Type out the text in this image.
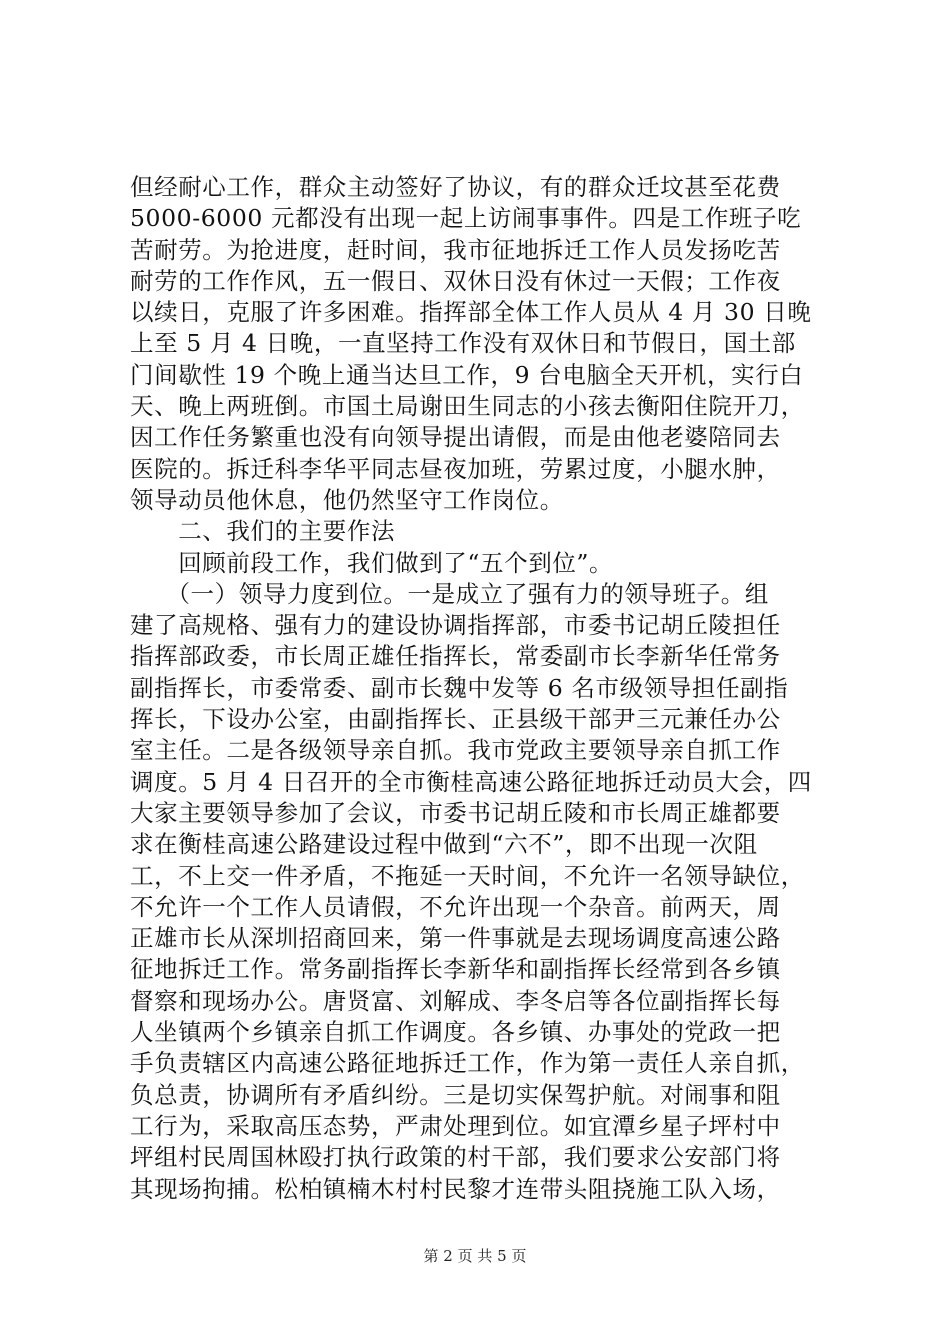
但经耐心工作，群众主动签好了协议，有的群众迁坟甚至花费
5000-6000 元都没有出现一起上访闹事事件。四是工作班子吃
苦耐劳。为抢进度，赶时间，我市征地拆迁工作人员发扬吃苦
耐劳的工作作风，五一假日、双休日没有休过一天假；工作夜
以续日，克服了许多困难。指挥部全体工作人员从 4 月 30 日晚
上至 5 月 4 日晚，一直坚持工作没有双休日和节假日，国土部
门间歇性 19 个晚上通当达旦工作，9 台电脑全天开机，实行白
天、晚上两班倒。市国土局谢田生同志的小孩去衡阳住院开刀，
因工作任务繁重也没有向领导提出请假，而是由他老婆陪同去
医院的。拆迁科李华平同志昼夜加班，劳累过度，小腿水肿，
领导动员他休息，他仍然坚守工作岗位。
　　二、我们的主要作法
　　回顾前段工作，我们做到了“五个到位”。
　　（一）领导力度到位。一是成立了强有力的领导班子。组
建了高规格、强有力的建设协调指挥部，市委书记胡丘陵担任
指挥部政委，市长周正雄任指挥长，常委副市长李新华任常务
副指挥长，市委常委、副市长魏中发等 6 名市级领导担任副指
挥长，下设办公室，由副指挥长、正县级干部尹三元兼任办公
室主任。二是各级领导亲自抓。我市党政主要领导亲自抓工作
调度。5 月 4 日召开的全市衡桂高速公路征地拆迁动员大会，四
大家主要领导参加了会议，市委书记胡丘陵和市长周正雄都要
求在衡桂高速公路建设过程中做到“六不”，即不出现一次阻
工，不上交一件矛盾，不拖延一天时间，不允许一名领导缺位，
不允许一个工作人员请假，不允许出现一个杂音。前两天，周
正雄市长从深圳招商回来，第一件事就是去现场调度高速公路
征地拆迁工作。常务副指挥长李新华和副指挥长经常到各乡镇
督察和现场办公。唐贤富、刘解成、李冬启等各位副指挥长每
人坐镇两个乡镇亲自抓工作调度。各乡镇、办事处的党政一把
手负责辖区内高速公路征地拆迁工作，作为第一责任人亲自抓，
负总责，协调所有矛盾纠纷。三是切实保驾护航。对闹事和阻
工行为，采取高压态势，严肃处理到位。如宜潭乡星子坪村中
坪组村民周国林殴打执行政策的村干部，我们要求公安部门将
其现场拘捕。松柏镇楠木村村民黎才连带头阻挠施工队入场，
第 2 页 共 5 页
